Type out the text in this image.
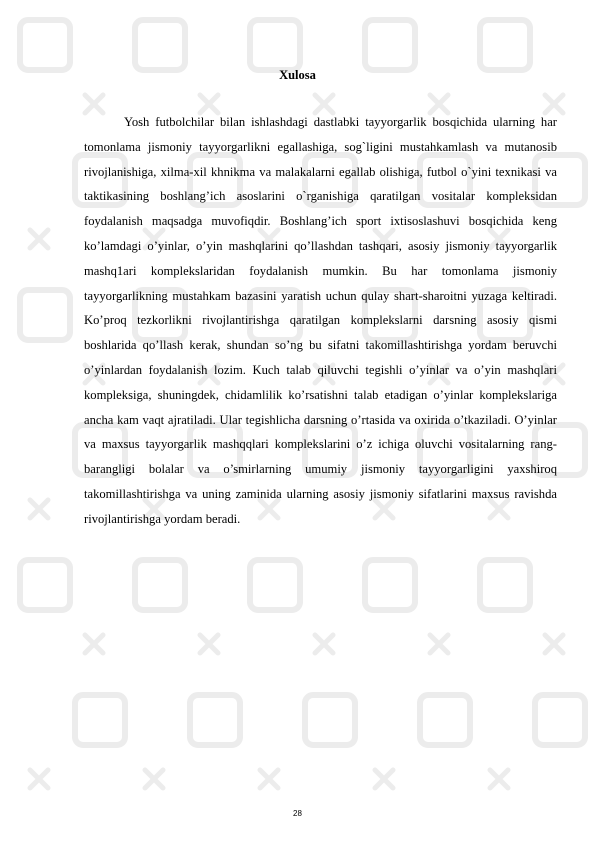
Xulosa

Yosh futbolchilar bilan ishlashdagi dastlabki tayyorgarlik bosqichida ularning har tomonlama jismoniy tayyorgarlikni egallashiga, sog`ligini mustahkamlash va mutanosib rivojlanishiga, xilma-xil khnikma va malakalarni egallab olishiga, futbol o`yini texnikasi va taktikasining boshlang’ich asoslarini o`rganishiga qaratilgan vositalar kompleksidan foydalanish maqsadga muvofiqdir. Boshlang’ich sport ixtisoslashuvi bosqichida keng ko’lamdagi o’yinlar, o’yin mashqlarini qo’llashdan tashqari, asosiy jismoniy tayyorgarlik mashq1ari komplekslaridan foydalanish mumkin. Bu har tomonlama jismoniy tayyorgarlikning mustahkam bazasini yaratish uchun qulay shart-sharoitni yuzaga keltiradi. Ko’proq tezkorlikni rivojlantirishga qaratilgan komplekslarni darsning asosiy qismi boshlarida qo’llash kerak, shundan so’ng bu sifatni takomillashtirishga yordam beruvchi o’yinlardan foydalanish lozim. Kuch talab qiluvchi tegishli o’yinlar va o’yin mashqlari kompleksiga, shuningdek, chidamlilik ko’rsatishni talab etadigan o’yinlar komplekslariga ancha kam vaqt ajratiladi. Ular tegishlicha darsning o’rtasida va oxirida o’tkaziladi. O’yinlar va maxsus tayyorgarlik mashqqlari komplekslarini o’z ichiga oluvchi vositalarning rang-barangligi bolalar va o’smirlarning umumiy jismoniy tayyorgarligini yaxshiroq takomillashtirishga va uning zaminida ularning asosiy jismoniy sifatlarini maxsus ravishda rivojlantirishga yordam beradi.

28
